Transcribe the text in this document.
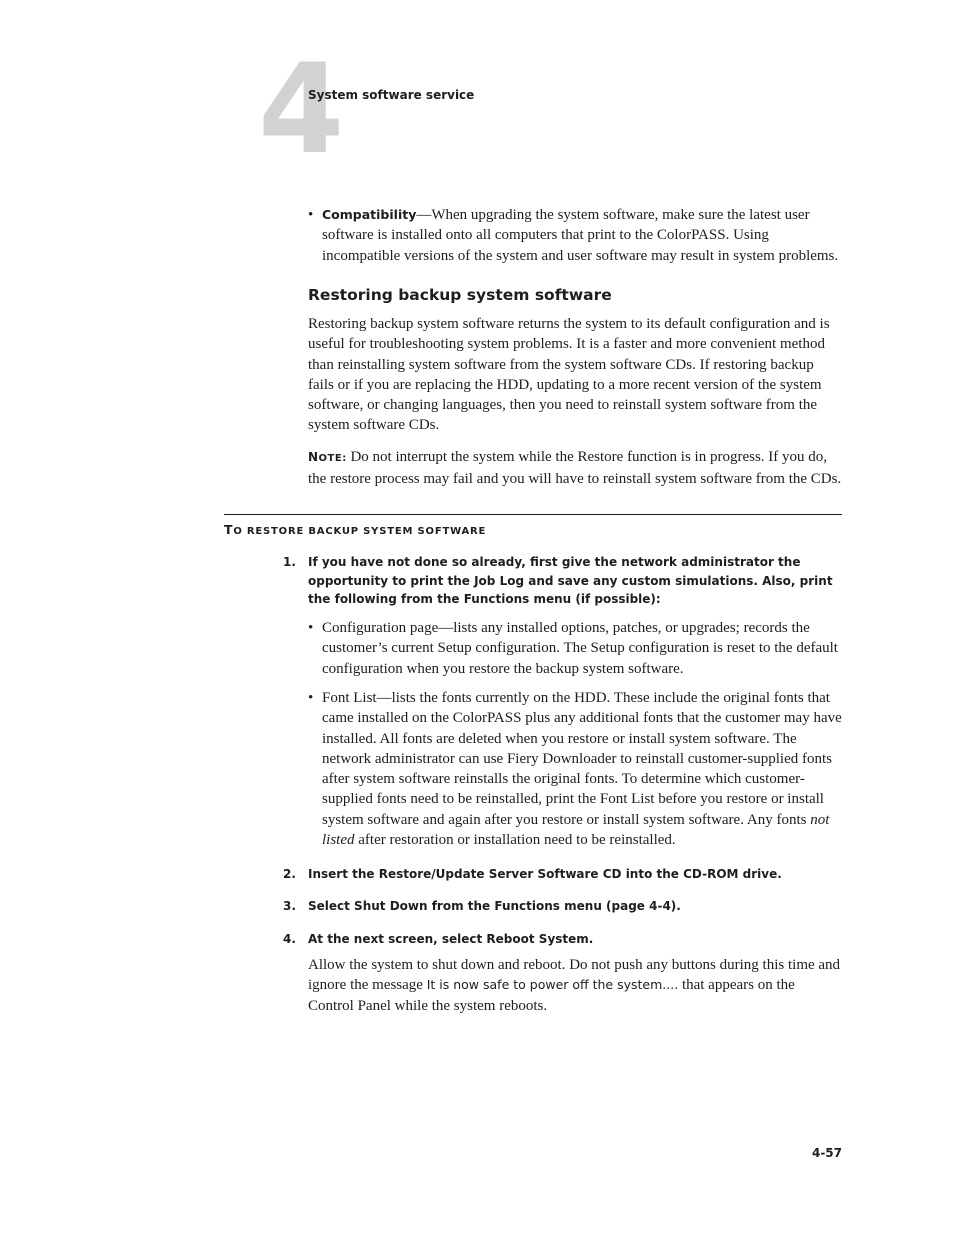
4
System software service
• Compatibility—When upgrading the system software, make sure the latest user software is installed onto all computers that print to the ColorPASS. Using incompatible versions of the system and user software may result in system problems.
Restoring backup system software

Restoring backup system software returns the system to its default configuration and is useful for troubleshooting system problems. It is a faster and more convenient method than reinstalling system software from the system software CDs. If restoring backup fails or if you are replacing the HDD, updating to a more recent version of the system software, or changing languages, then you need to reinstall system software from the system software CDs.

NOTE: Do not interrupt the system while the Restore function is in progress. If you do, the restore process may fail and you will have to reinstall system software from the CDs.

TO RESTORE BACKUP SYSTEM SOFTWARE
1. If you have not done so already, first give the network administrator the opportunity to print the Job Log and save any custom simulations. Also, print the following from the Functions menu (if possible):
• Configuration page—lists any installed options, patches, or upgrades; records the customer’s current Setup configuration. The Setup configuration is reset to the default configuration when you restore the backup system software.
• Font List—lists the fonts currently on the HDD. These include the original fonts that came installed on the ColorPASS plus any additional fonts that the customer may have installed. All fonts are deleted when you restore or install system software. The network administrator can use Fiery Downloader to reinstall customer-supplied fonts after system software reinstalls the original fonts. To determine which customer-supplied fonts need to be reinstalled, print the Font List before you restore or install system software and again after you restore or install system software. Any fonts not listed after restoration or installation need to be reinstalled.
2. Insert the Restore/Update Server Software CD into the CD-ROM drive.
3. Select Shut Down from the Functions menu (page 4-4).
4. At the next screen, select Reboot System.

Allow the system to shut down and reboot. Do not push any buttons during this time and ignore the message It is now safe to power off the system.... that appears on the Control Panel while the system reboots.

4-57
